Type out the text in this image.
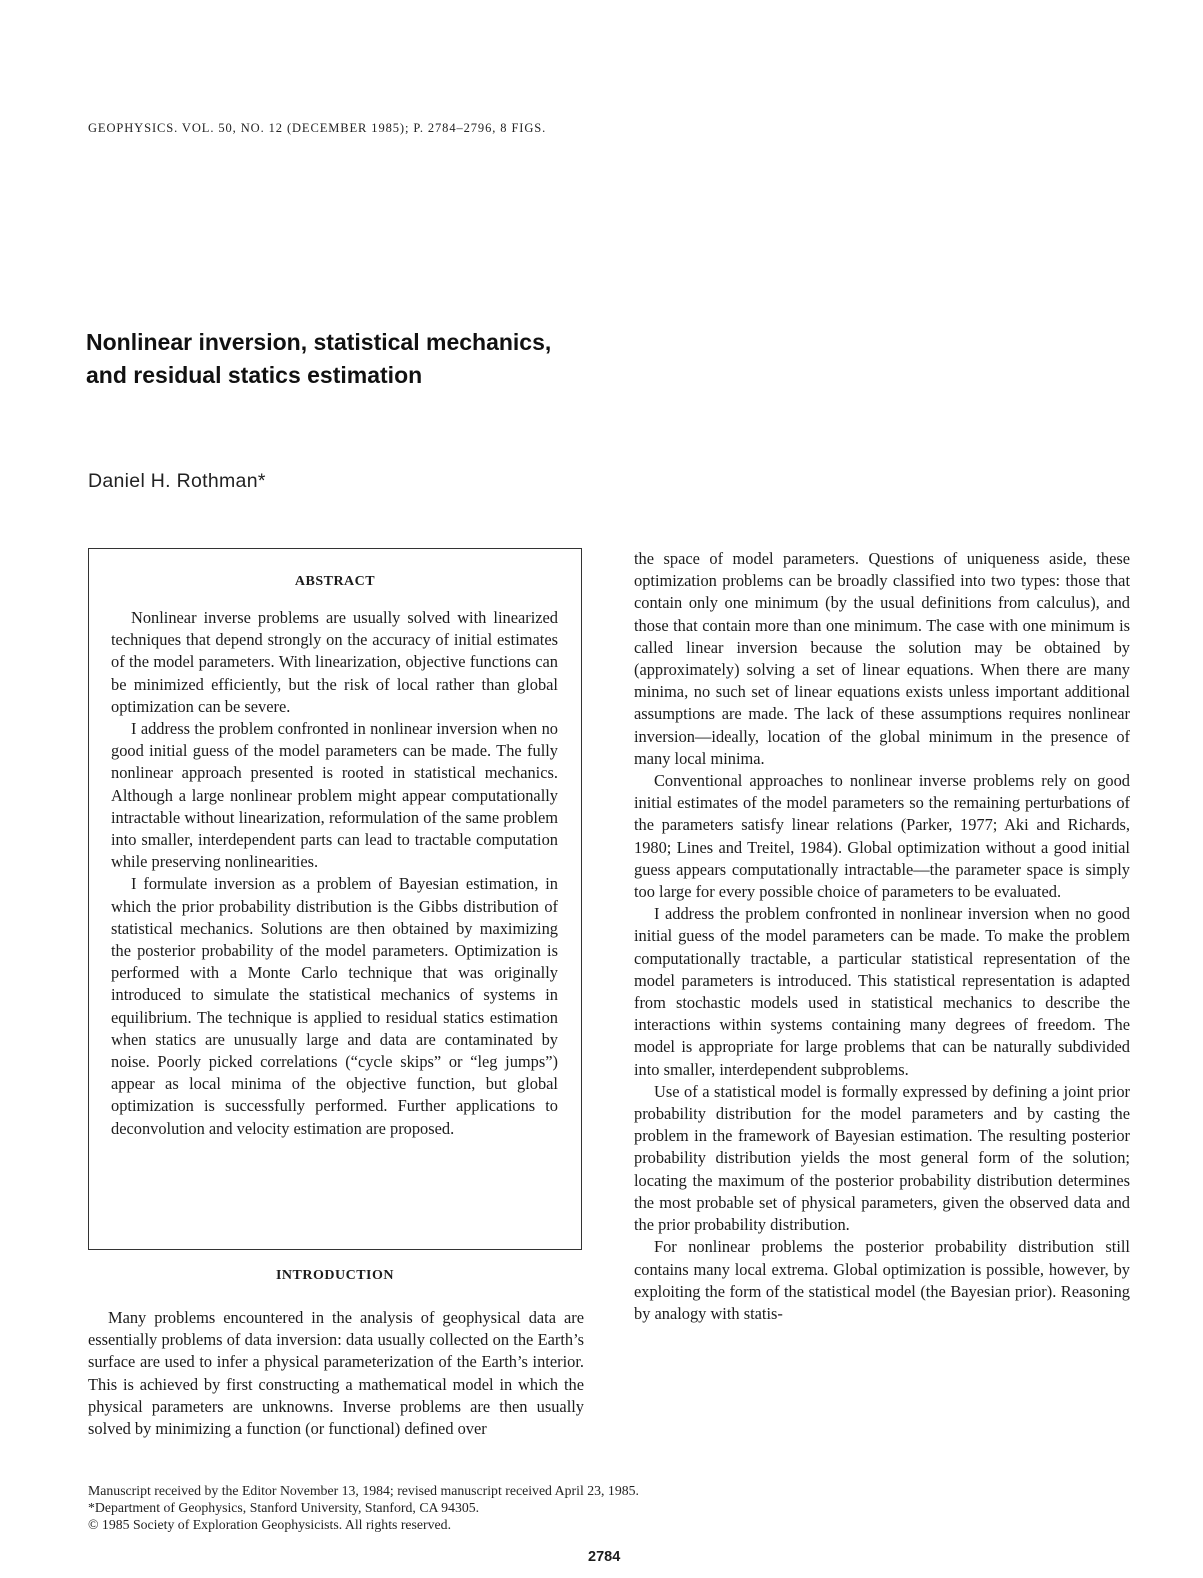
GEOPHYSICS. VOL. 50, NO. 12 (DECEMBER 1985); P. 2784–2796, 8 FIGS.
Nonlinear inversion, statistical mechanics,
and residual statics estimation
Daniel H. Rothman*
ABSTRACT

Nonlinear inverse problems are usually solved with linearized techniques that depend strongly on the accuracy of initial estimates of the model parameters. With linearization, objective functions can be minimized efficiently, but the risk of local rather than global optimization can be severe.

I address the problem confronted in nonlinear inversion when no good initial guess of the model parameters can be made. The fully nonlinear approach presented is rooted in statistical mechanics. Although a large nonlinear problem might appear computationally intractable without linearization, reformulation of the same problem into smaller, interdependent parts can lead to tractable computation while preserving nonlinearities.

I formulate inversion as a problem of Bayesian estimation, in which the prior probability distribution is the Gibbs distribution of statistical mechanics. Solutions are then obtained by maximizing the posterior probability of the model parameters. Optimization is performed with a Monte Carlo technique that was originally introduced to simulate the statistical mechanics of systems in equilibrium. The technique is applied to residual statics estimation when statics are unusually large and data are contaminated by noise. Poorly picked correlations (“cycle skips” or “leg jumps”) appear as local minima of the objective function, but global optimization is successfully performed. Further applications to deconvolution and velocity estimation are proposed.

INTRODUCTION

Many problems encountered in the analysis of geophysical data are essentially problems of data inversion: data usually collected on the Earth’s surface are used to infer a physical parameterization of the Earth’s interior. This is achieved by first constructing a mathematical model in which the physical parameters are unknowns. Inverse problems are then usually solved by minimizing a function (or functional) defined over

the space of model parameters. Questions of uniqueness aside, these optimization problems can be broadly classified into two types: those that contain only one minimum (by the usual definitions from calculus), and those that contain more than one minimum. The case with one minimum is called linear inversion because the solution may be obtained by (approximately) solving a set of linear equations. When there are many minima, no such set of linear equations exists unless important additional assumptions are made. The lack of these assumptions requires nonlinear inversion—ideally, location of the global minimum in the presence of many local minima.

Conventional approaches to nonlinear inverse problems rely on good initial estimates of the model parameters so the remaining perturbations of the parameters satisfy linear relations (Parker, 1977; Aki and Richards, 1980; Lines and Treitel, 1984). Global optimization without a good initial guess appears computationally intractable—the parameter space is simply too large for every possible choice of parameters to be evaluated.

I address the problem confronted in nonlinear inversion when no good initial guess of the model parameters can be made. To make the problem computationally tractable, a particular statistical representation of the model parameters is introduced. This statistical representation is adapted from stochastic models used in statistical mechanics to describe the interactions within systems containing many degrees of freedom. The model is appropriate for large problems that can be naturally subdivided into smaller, interdependent subproblems.

Use of a statistical model is formally expressed by defining a joint prior probability distribution for the model parameters and by casting the problem in the framework of Bayesian estimation. The resulting posterior probability distribution yields the most general form of the solution; locating the maximum of the posterior probability distribution determines the most probable set of physical parameters, given the observed data and the prior probability distribution.

For nonlinear problems the posterior probability distribution still contains many local extrema. Global optimization is possible, however, by exploiting the form of the statistical model (the Bayesian prior). Reasoning by analogy with statis-

Manuscript received by the Editor November 13, 1984; revised manuscript received April 23, 1985.
*Department of Geophysics, Stanford University, Stanford, CA 94305.
© 1985 Society of Exploration Geophysicists. All rights reserved.
2784
